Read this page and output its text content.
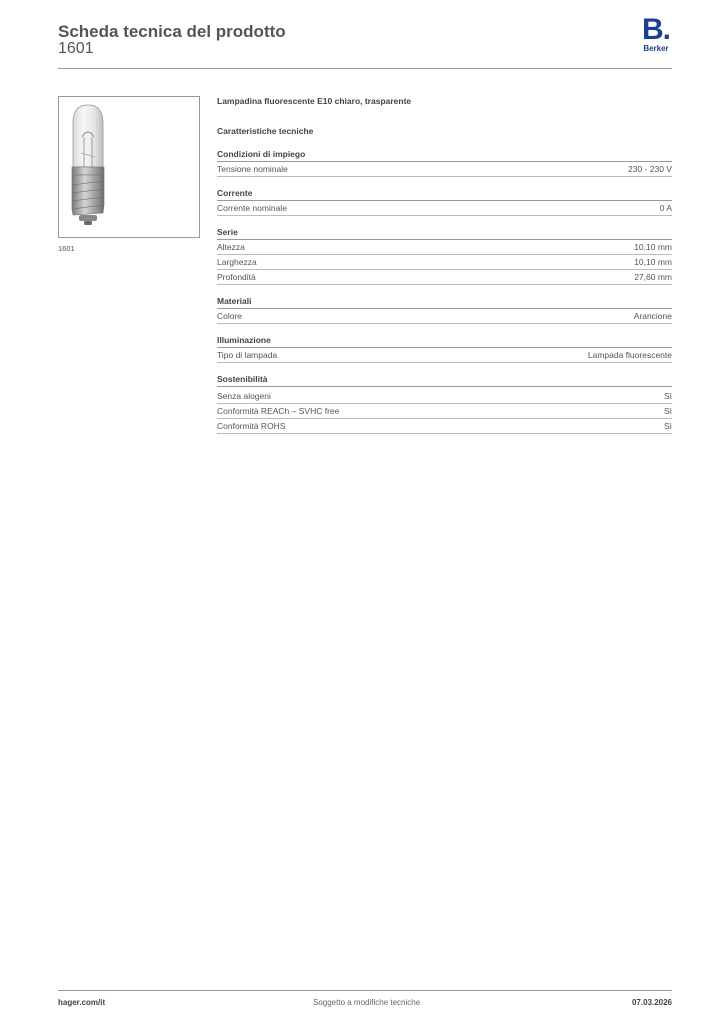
Scheda tecnica del prodotto
1601
B.
Berker
1601
Lampadina fluorescente E10 chiaro, trasparente
Caratteristiche tecniche
Condizioni di impiego
Tensione nominale	230 - 230 V
Corrente
Corrente nominale	0 A
Serie
Altezza	10,10 mm
Larghezza	10,10 mm
Profondità	27,60 mm
Materiali
Colore	Arancione
Illuminazione
Tipo di lampada	Lampada fluorescente
Sostenibilità
Senza alogeni	Sì
Conformità REACh – SVHC free	Sì
Conformità ROHS	Sì
hager.com/it	Soggetto a modifiche tecniche	07.03.2026
